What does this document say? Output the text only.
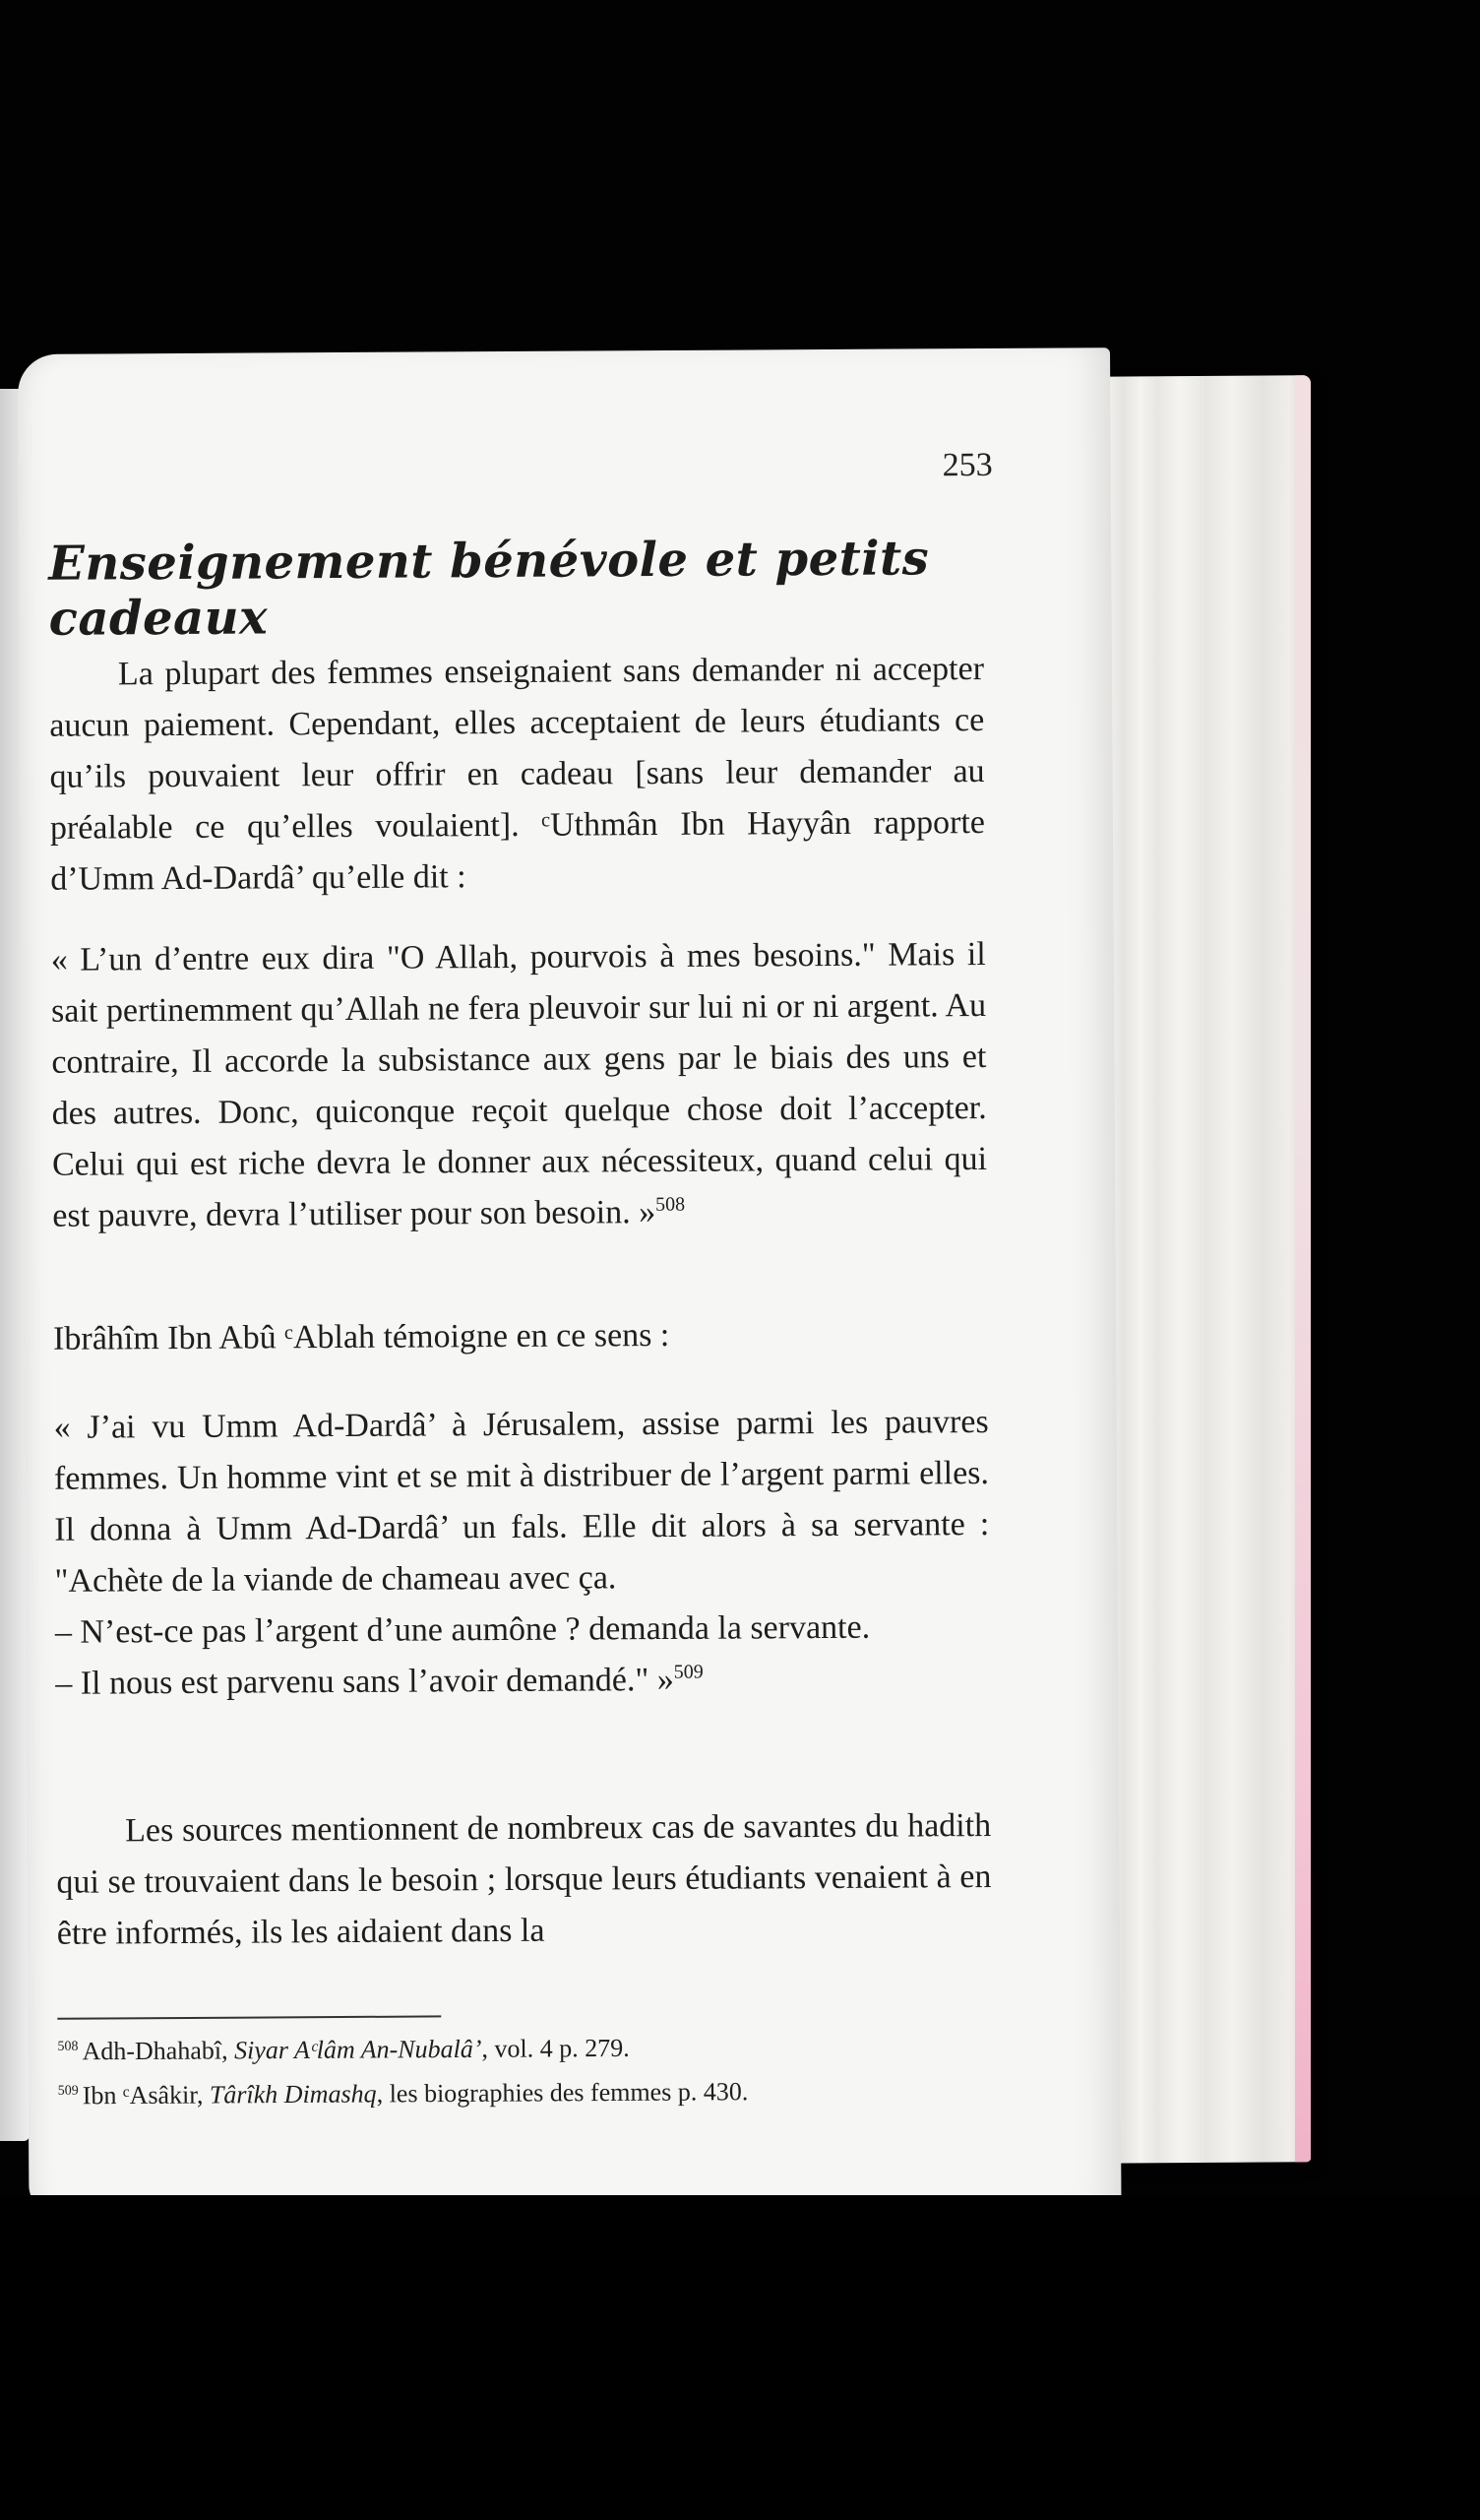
253
Enseignement bénévole et petits cadeaux
La plupart des femmes enseignaient sans demander ni accepter aucun paiement. Cependant, elles acceptaient de leurs étudiants ce qu’ils pouvaient leur offrir en cadeau [sans leur demander au préalable ce qu’elles voulaient]. ᶜUthmân Ibn Hayyân rapporte d’Umm Ad-Dardâ’ qu’elle dit :
« L’un d’entre eux dira "O Allah, pourvois à mes besoins." Mais il sait pertinemment qu’Allah ne fera pleuvoir sur lui ni or ni argent. Au contraire, Il accorde la subsistance aux gens par le biais des uns et des autres. Donc, quiconque reçoit quelque chose doit l’accepter. Celui qui est riche devra le donner aux nécessiteux, quand celui qui est pauvre, devra l’utiliser pour son besoin. »$^{508}$
Ibrâhîm Ibn Abû ᶜAblah témoigne en ce sens :
« J’ai vu Umm Ad-Dardâ’ à Jérusalem, assise parmi les pauvres femmes. Un homme vint et se mit à distribuer de l’argent parmi elles. Il donna à Umm Ad-Dardâ’ un fals. Elle dit alors à sa servante :
"Achète de la viande de chameau avec ça.
– N’est-ce pas l’argent d’une aumône ? demanda la servante.
– Il nous est parvenu sans l’avoir demandé." »$^{509}$
Les sources mentionnent de nombreux cas de savantes du hadith qui se trouvaient dans le besoin ; lorsque leurs étudiants venaient à en être informés, ils les aidaient dans la
$^{508}$ Adh-Dhahabî, Siyar Aᶜlâm An-Nubalâ’, vol. 4 p. 279.
$^{509}$ Ibn ᶜAsâkir, Târîkh Dimashq, les biographies des femmes p. 430.
